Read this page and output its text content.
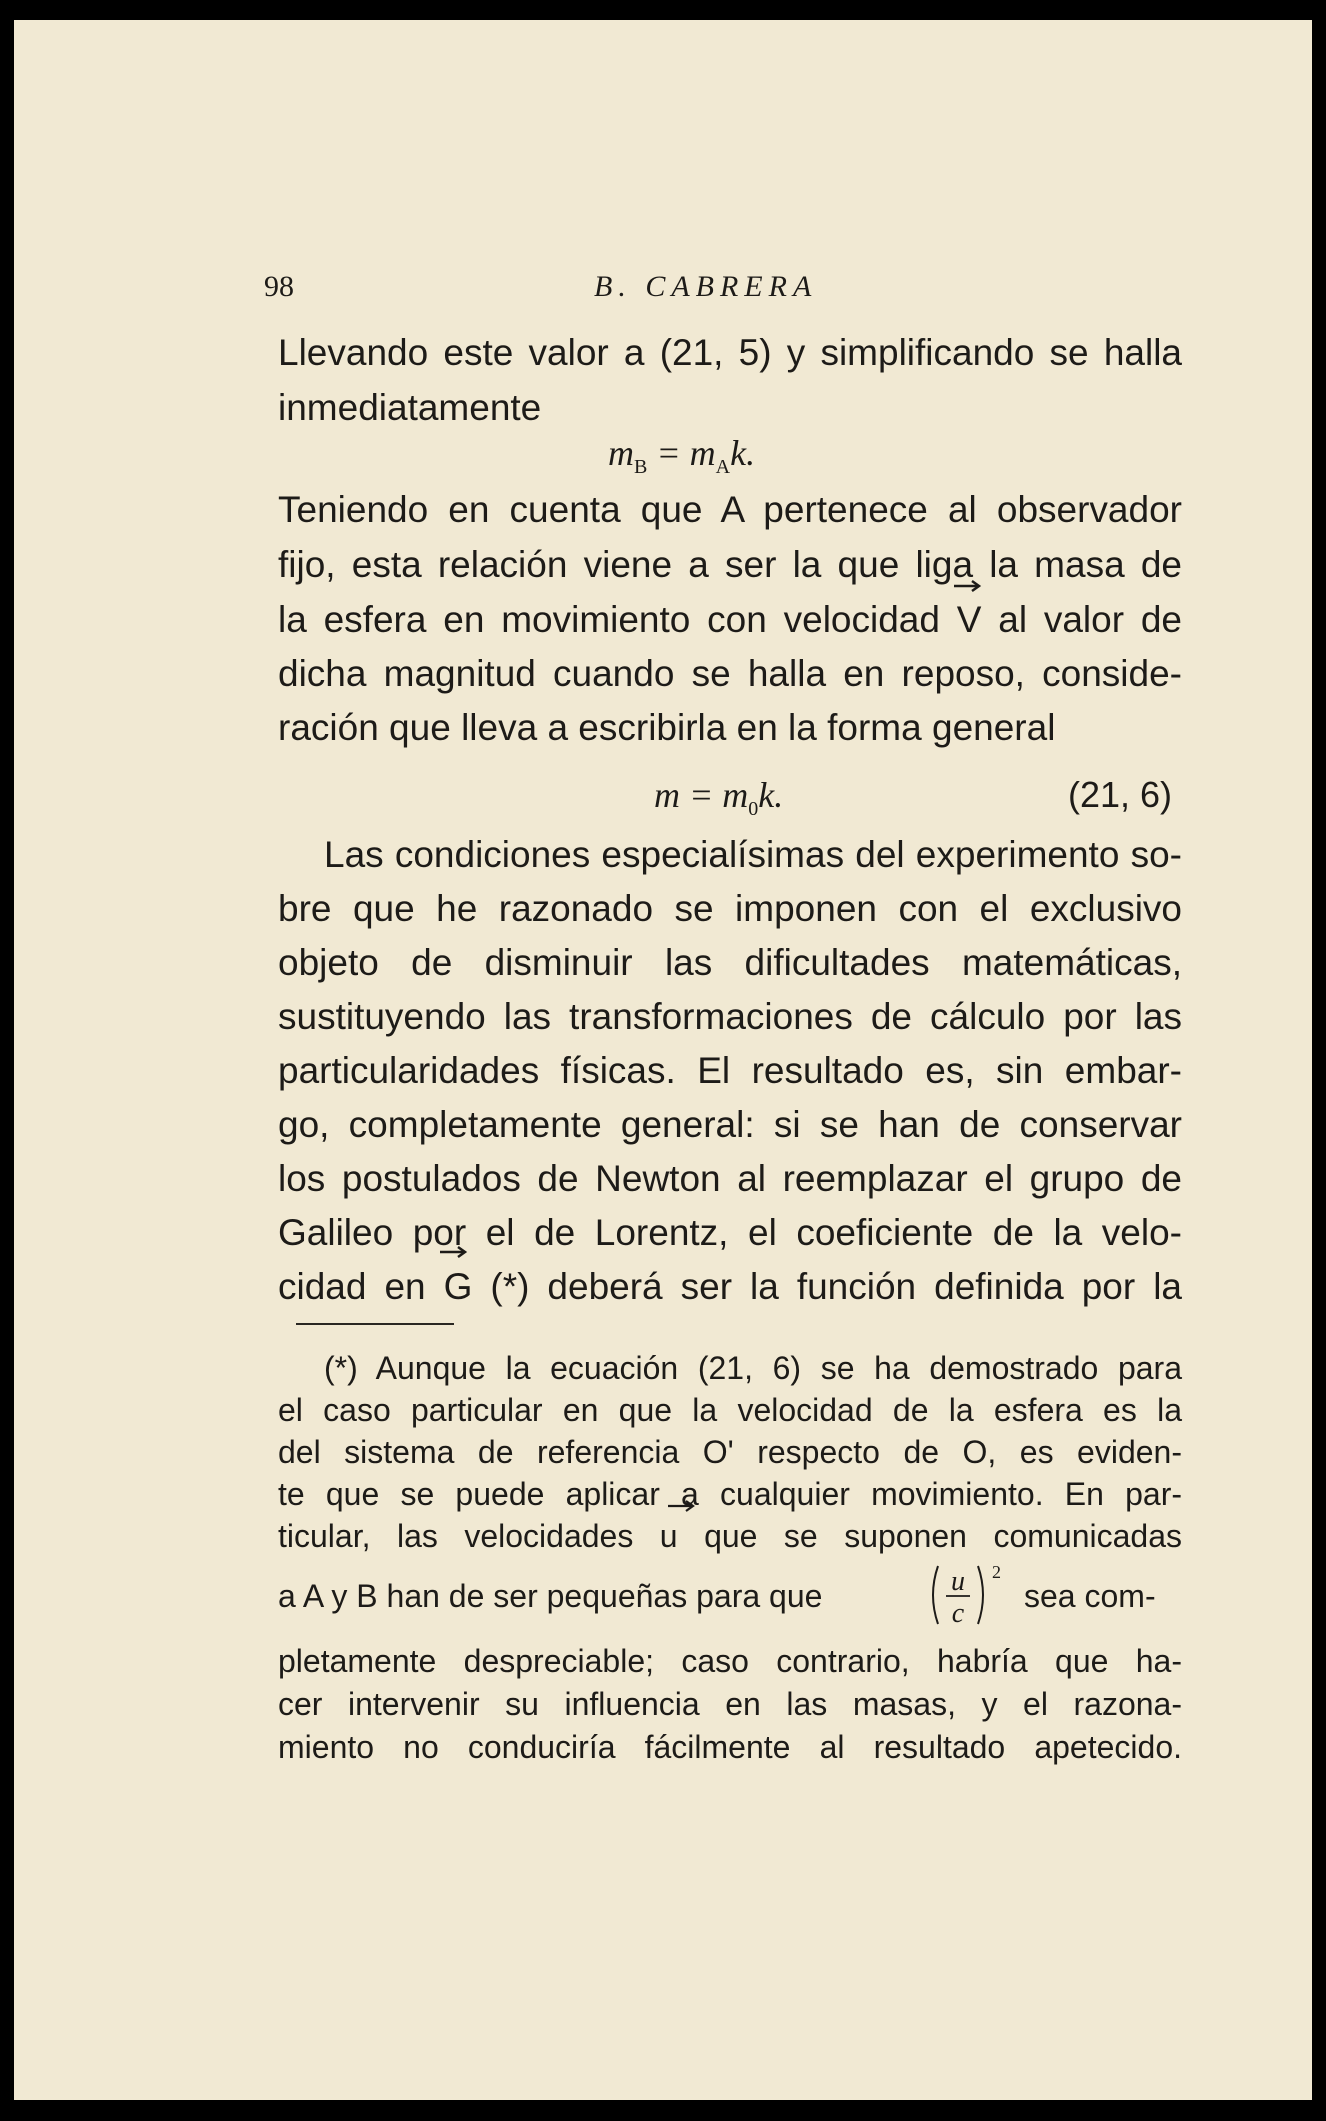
98	B. CABRERA
Llevando este valor a (21, 5) y simplificando se halla
inmediatamente
$m_B = m_Ak$.
Teniendo en cuenta que A pertenece al observador
fijo, esta relación viene a ser la que liga la masa de
la esfera en movimiento con velocidad V al valor de
dicha magnitud cuando se halla en reposo, conside-
ración que lleva a escribirla en la forma general
$m = m_0k$.	(21, 6)
Las condiciones especialísimas del experimento so-
bre que he razonado se imponen con el exclusivo
objeto de disminuir las dificultades matemáticas,
sustituyendo las transformaciones de cálculo por las
particularidades físicas. El resultado es, sin embar-
go, completamente general: si se han de conservar
los postulados de Newton al reemplazar el grupo de
Galileo por el de Lorentz, el coeficiente de la velo-
cidad en G (*) deberá ser la función definida por la
(*) Aunque la ecuación (21, 6) se ha demostrado para
el caso particular en que la velocidad de la esfera es la
del sistema de referencia O' respecto de O, es eviden-
te que se puede aplicar a cualquier movimiento. En par-
ticular, las velocidades u que se suponen comunicadas
a A y B han de ser pequeñas para que	u
c
2
sea com-
pletamente despreciable; caso contrario, habría que ha-
cer intervenir su influencia en las masas, y el razona-
miento no conduciría fácilmente al resultado apetecido.
